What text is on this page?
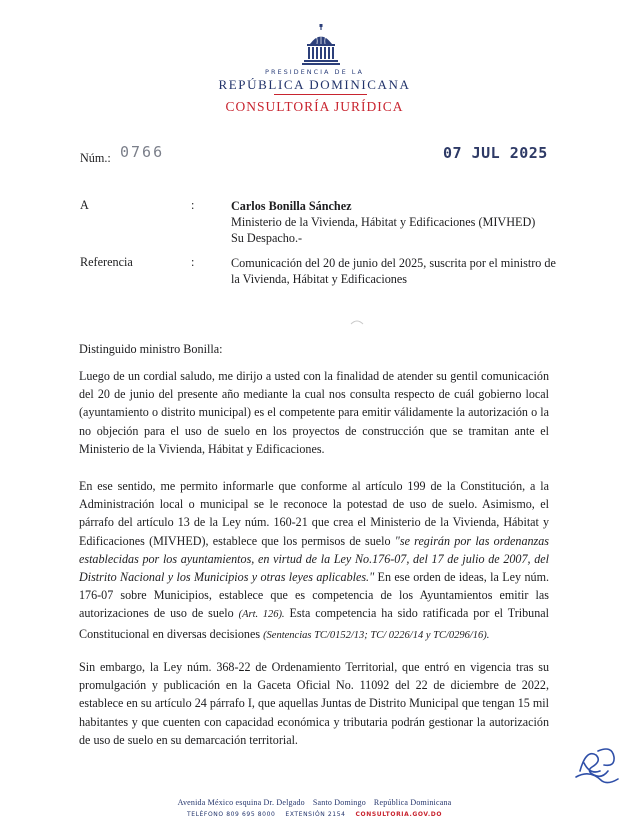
PRESIDENCIA DE LA
REPÚBLICA DOMINICANA
CONSULTORÍA JURÍDICA
Núm.: 0766	07 JUL 2025
A	:	Carlos Bonilla Sánchez
Ministerio de la Vivienda, Hábitat y Edificaciones (MIVHED)
Su Despacho.-
Referencia	:	Comunicación del 20 de junio del 2025, suscrita por el ministro de
la Vivienda, Hábitat y Edificaciones
Distinguido ministro Bonilla:
Luego de un cordial saludo, me dirijo a usted con la finalidad de atender su gentil comunicación del 20 de junio del presente año mediante la cual nos consulta respecto de cuál gobierno local (ayuntamiento o distrito municipal) es el competente para emitir válidamente la autorización o la no objeción para el uso de suelo en los proyectos de construcción que se tramitan ante el Ministerio de la Vivienda, Hábitat y Edificaciones.
En ese sentido, me permito informarle que conforme al artículo 199 de la Constitución, a la Administración local o municipal se le reconoce la potestad de uso de suelo. Asimismo, el párrafo del artículo 13 de la Ley núm. 160-21 que crea el Ministerio de la Vivienda, Hábitat y Edificaciones (MIVHED), establece que los permisos de suelo "se regirán por las ordenanzas establecidas por los ayuntamientos, en virtud de la Ley No.176-07, del 17 de julio de 2007, del Distrito Nacional y los Municipios y otras leyes aplicables." En ese orden de ideas, la Ley núm. 176-07 sobre Municipios, establece que es competencia de los Ayuntamientos emitir las autorizaciones de uso de suelo (Art. 126). Esta competencia ha sido ratificada por el Tribunal Constitucional en diversas decisiones (Sentencias TC/0152/13; TC/ 0226/14 y TC/0296/16).
Sin embargo, la Ley núm. 368-22 de Ordenamiento Territorial, que entró en vigencia tras su promulgación y publicación en la Gaceta Oficial No. 11092 del 22 de diciembre de 2022, establece en su artículo 24 párrafo I, que aquellas Juntas de Distrito Municipal que tengan 15 mil habitantes y que cuenten con capacidad económica y tributaria podrán gestionar la autorización de uso de suelo en su demarcación territorial.
Avenida México esquina Dr. Delgado Santo Domingo República Dominicana
TELÉFONO 809 695 8000 EXTENSIÓN 2154 CONSULTORIA.GOV.DO
